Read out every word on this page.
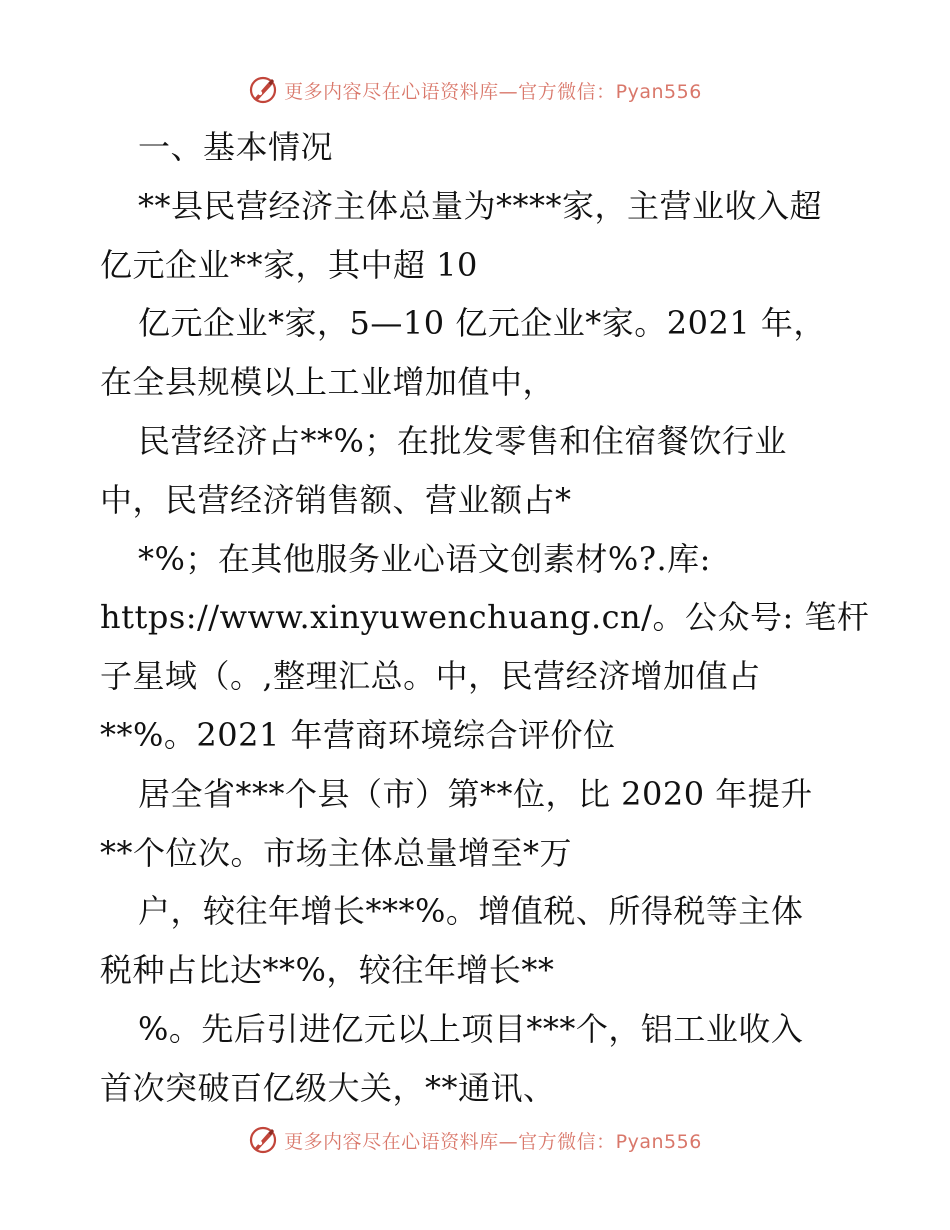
更多内容尽在心语资料库—官方微信：Pyan556
一、基本情况
**县民营经济主体总量为****家，主营业收入超
亿元企业**家，其中超 10
亿元企业*家，5—10 亿元企业*家。2021 年，
在全县规模以上工业增加值中，
民营经济占**%；在批发零售和住宿餐饮行业
中，民营经济销售额、营业额占*
*%；在其他服务业心语文创素材%?.库:
https://www.xinyuwenchuang.cn/。公众号: 笔杆
子星域（。,整理汇总。中，民营经济增加值占
**%。2021 年营商环境综合评价位
居全省***个县（市）第**位，比 2020 年提升
**个位次。市场主体总量增至*万
户，较往年增长***%。增值税、所得税等主体
税种占比达**%，较往年增长**
%。先后引进亿元以上项目***个，铝工业收入
首次突破百亿级大关，**通讯、
更多内容尽在心语资料库—官方微信：Pyan556
